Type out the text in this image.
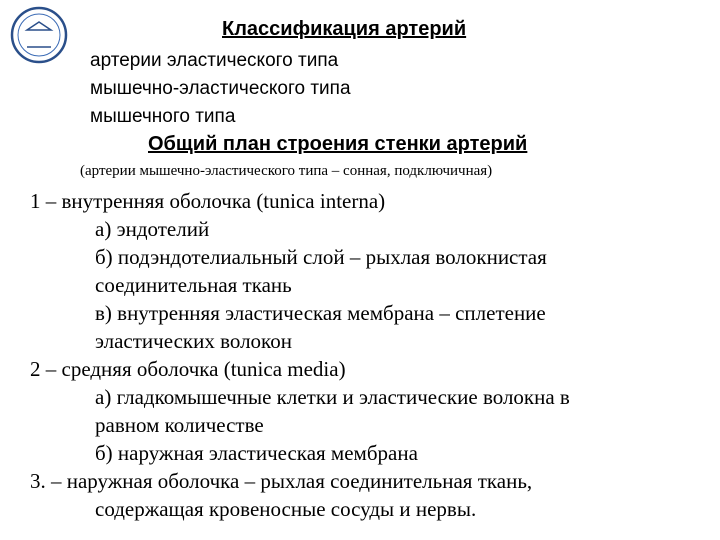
Классификация артерий
артерии эластического типа
мышечно-эластического типа
мышечного типа
Общий план строения стенки артерий
(артерии мышечно-эластического типа – сонная, подключичная)
1 – внутренняя оболочка (tunica interna)
а) эндотелий
б) подэндотелиальный слой – рыхлая волокнистая
соединительная ткань
в) внутренняя эластическая мембрана – сплетение
эластических волокон
2 – средняя оболочка (tunica media)
а) гладкомышечные клетки и эластические волокна в
равном количестве
б) наружная эластическая мембрана
3. – наружная оболочка – рыхлая соединительная ткань,
содержащая кровеносные сосуды и нервы.
